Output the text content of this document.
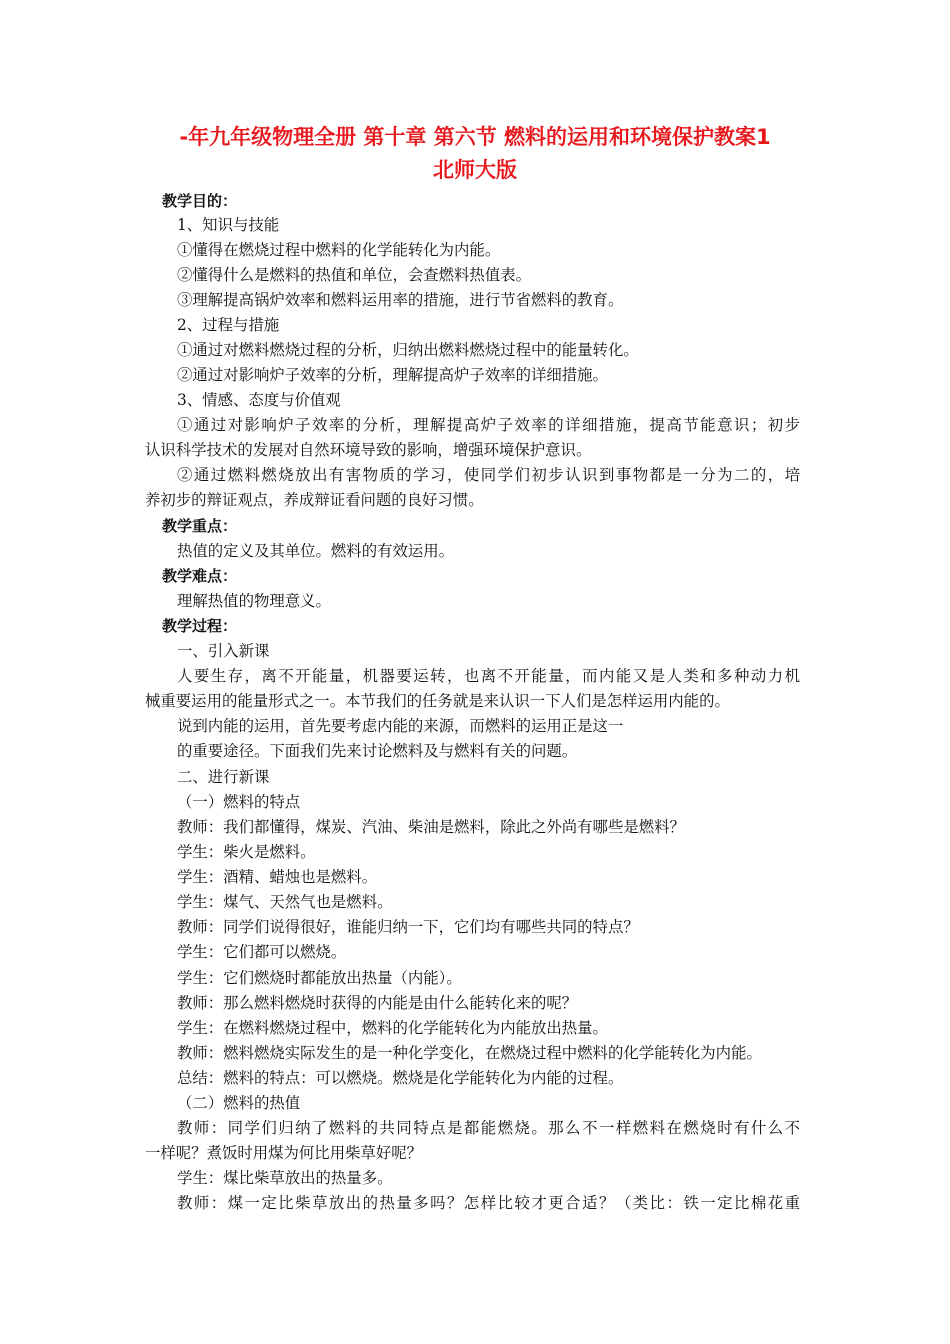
-年九年级物理全册 第十章 第六节 燃料的运用和环境保护教案1
北师大版
教学目的：
1、知识与技能
①懂得在燃烧过程中燃料的化学能转化为内能。
②懂得什么是燃料的热值和单位，会查燃料热值表。
③理解提高锅炉效率和燃料运用率的措施，进行节省燃料的教育。
2、过程与措施
①通过对燃料燃烧过程的分析，归纳出燃料燃烧过程中的能量转化。
②通过对影响炉子效率的分析，理解提高炉子效率的详细措施。
3、情感、态度与价值观
①通过对影响炉子效率的分析，理解提高炉子效率的详细措施，提高节能意识；初步
认识科学技术的发展对自然环境导致的影响，增强环境保护意识。
②通过燃料燃烧放出有害物质的学习，使同学们初步认识到事物都是一分为二的，培
养初步的辩证观点，养成辩证看问题的良好习惯。
教学重点：
热值的定义及其单位。燃料的有效运用。
教学难点：
理解热值的物理意义。
教学过程：
一、引入新课
人要生存，离不开能量，机器要运转，也离不开能量，而内能又是人类和多种动力机
械重要运用的能量形式之一。本节我们的任务就是来认识一下人们是怎样运用内能的。
说到内能的运用，首先要考虑内能的来源，而燃料的运用正是这一
的重要途径。下面我们先来讨论燃料及与燃料有关的问题。
二、进行新课
（一）燃料的特点
教师：我们都懂得，煤炭、汽油、柴油是燃料，除此之外尚有哪些是燃料？
学生：柴火是燃料。
学生：酒精、蜡烛也是燃料。
学生：煤气、天然气也是燃料。
教师：同学们说得很好，谁能归纳一下，它们均有哪些共同的特点？
学生：它们都可以燃烧。
学生：它们燃烧时都能放出热量（内能）。
教师：那么燃料燃烧时获得的内能是由什么能转化来的呢？
学生：在燃料燃烧过程中，燃料的化学能转化为内能放出热量。
教师：燃料燃烧实际发生的是一种化学变化，在燃烧过程中燃料的化学能转化为内能。
总结：燃料的特点：可以燃烧。燃烧是化学能转化为内能的过程。
（二）燃料的热值
教师：同学们归纳了燃料的共同特点是都能燃烧。那么不一样燃料在燃烧时有什么不
一样呢？煮饭时用煤为何比用柴草好呢？
学生：煤比柴草放出的热量多。
教师：煤一定比柴草放出的热量多吗？怎样比较才更合适？（类比：铁一定比棉花重
